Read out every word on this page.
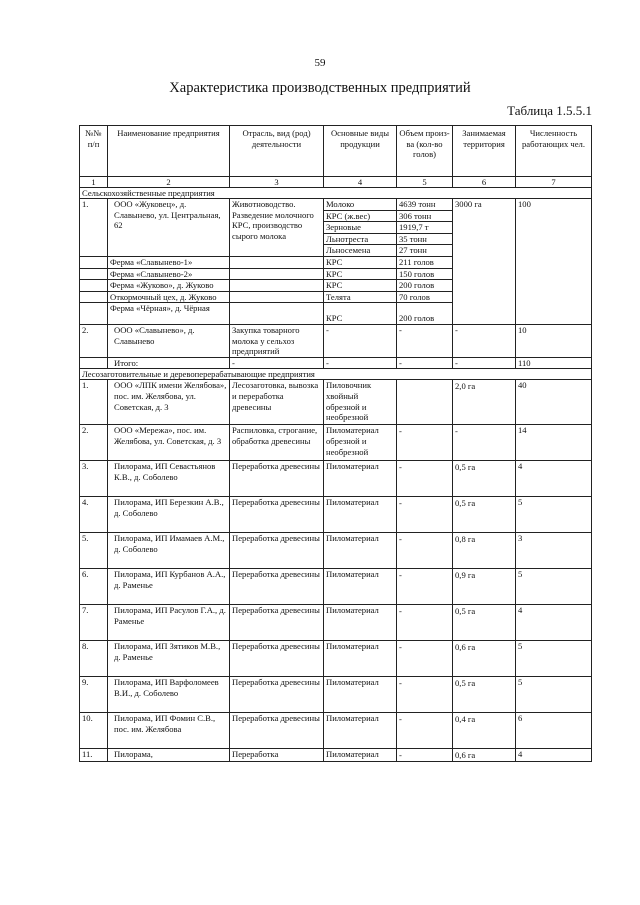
59
Характеристика производственных предприятий
Таблица 1.5.5.1
№№ п/п	Наименование предприятия	Отрасль, вид (род) деятельности	Основные виды продукции	Объем произ-ва (кол-во голов)	Занимаемая территория	Численность работающих чел.
1	2	3	4	5	6	7
Сельскохозяйственные предприятия						
1.	ООО «Жуковец», д. Славынево, ул. Центральная, 62	Животноводство. Разведение молочного КРС, производство сырого молока	Молоко	4639 тонн	3000 га	100
			КРС (ж.вес)	306 тонн		
			Зерновые	1919,7 т		
			Льнотреста	35 тонн		
			Льносемена	27 тонн		
	Ферма «Славынево-1»		КРС	211 голов		
	Ферма «Славынево-2»		КРС	150 голов		
	Ферма «Жуково», д. Жуково		КРС	200 голов		
	Откормочный цех, д. Жуково		Телята	70 голов		
	Ферма «Чёрная», д. Чёрная		КРС	200 голов		
2.	ООО «Славынево», д. Славынево	Закупка товарного молока у сельхоз предприятий	-	-	-	10
	Итого:	-	-	-	-	110
Лесозаготовительные и деревоперерабатывающие предприятия						
1.	ООО «ЛПК имени Желябова», пос. им. Желябова, ул. Советская, д. 3	Лесозаготовка, вывозка и переработка древесины	Пиловочник хвойный обрезной и необрезной		2,0 га	40
2.	ООО «Мережа», пос. им. Желябова, ул. Советская, д. 3	Распиловка, строгание, обработка древесины	Пиломатериал обрезной и необрезной	-	-	14
3.	Пилорама, ИП Севастьянов К.В., д. Соболево	Переработка древесины	Пиломатериал	-	0,5 га	4
4.	Пилорама, ИП Березкин А.В., д. Соболево	Переработка древесины	Пиломатериал	-	0,5 га	5
5.	Пилорама, ИП Имамаев А.М., д. Соболево	Переработка древесины	Пиломатериал	-	0,8 га	3
6.	Пилорама, ИП Курбанов А.А., д. Раменье	Переработка древесины	Пиломатериал	-	0,9 га	5
7.	Пилорама, ИП Расулов Г.А., д. Раменье	Переработка древесины	Пиломатериал	-	0,5 га	4
8.	Пилорама, ИП Зятиков М.В., д. Раменье	Переработка древесины	Пиломатериал	-	0,6 га	5
9.	Пилорама, ИП Варфоломеев В.И., д. Соболево	Переработка древесины	Пиломатериал	-	0,5 га	5
10.	Пилорама, ИП Фомин С.В., пос. им. Желябова	Переработка древесины	Пиломатериал	-	0,4 га	6
11.	Пилорама,	Переработка	Пиломатериал	-	0,6 га	4
